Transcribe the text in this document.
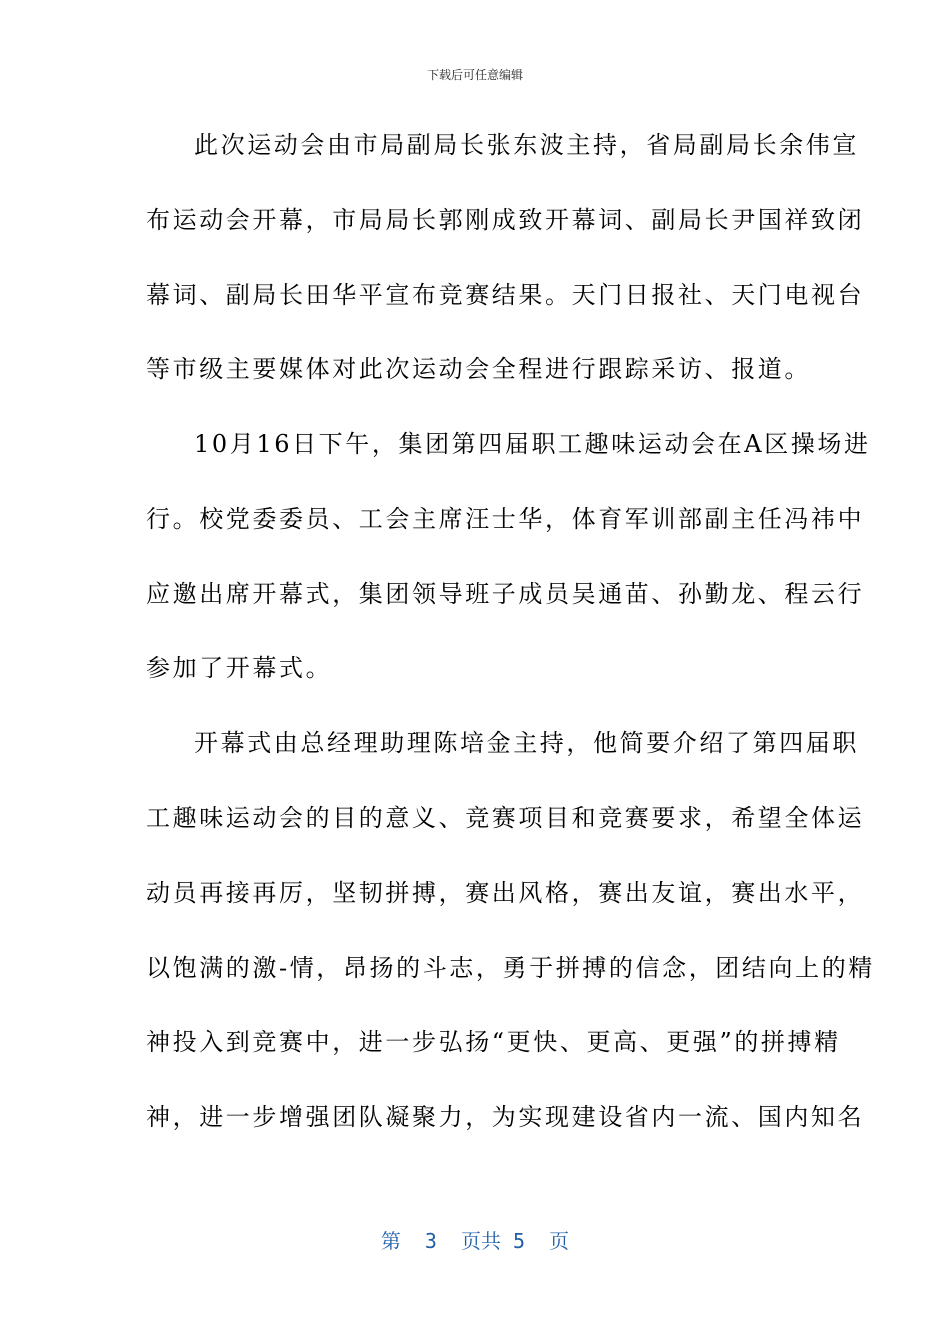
下载后可任意编辑
此次运动会由市局副局长张东波主持，省局副局长余伟宣
布运动会开幕，市局局长郭刚成致开幕词、副局长尹国祥致闭
幕词、副局长田华平宣布竞赛结果。天门日报社、天门电视台
等市级主要媒体对此次运动会全程进行跟踪采访、报道。
10月16日下午，集团第四届职工趣味运动会在A区操场进
行。校党委委员、工会主席汪士华，体育军训部副主任冯祎中
应邀出席开幕式，集团领导班子成员吴通苗、孙勤龙、程云行
参加了开幕式。
开幕式由总经理助理陈培金主持，他简要介绍了第四届职
工趣味运动会的目的意义、竞赛项目和竞赛要求，希望全体运
动员再接再厉，坚韧拼搏，赛出风格，赛出友谊，赛出水平，
以饱满的激-情，昂扬的斗志，勇于拼搏的信念，团结向上的精
神投入到竞赛中，进一步弘扬“更快、更高、更强”的拼搏精
神，进一步增强团队凝聚力，为实现建设省内一流、国内知名
第  3  页共 5  页
